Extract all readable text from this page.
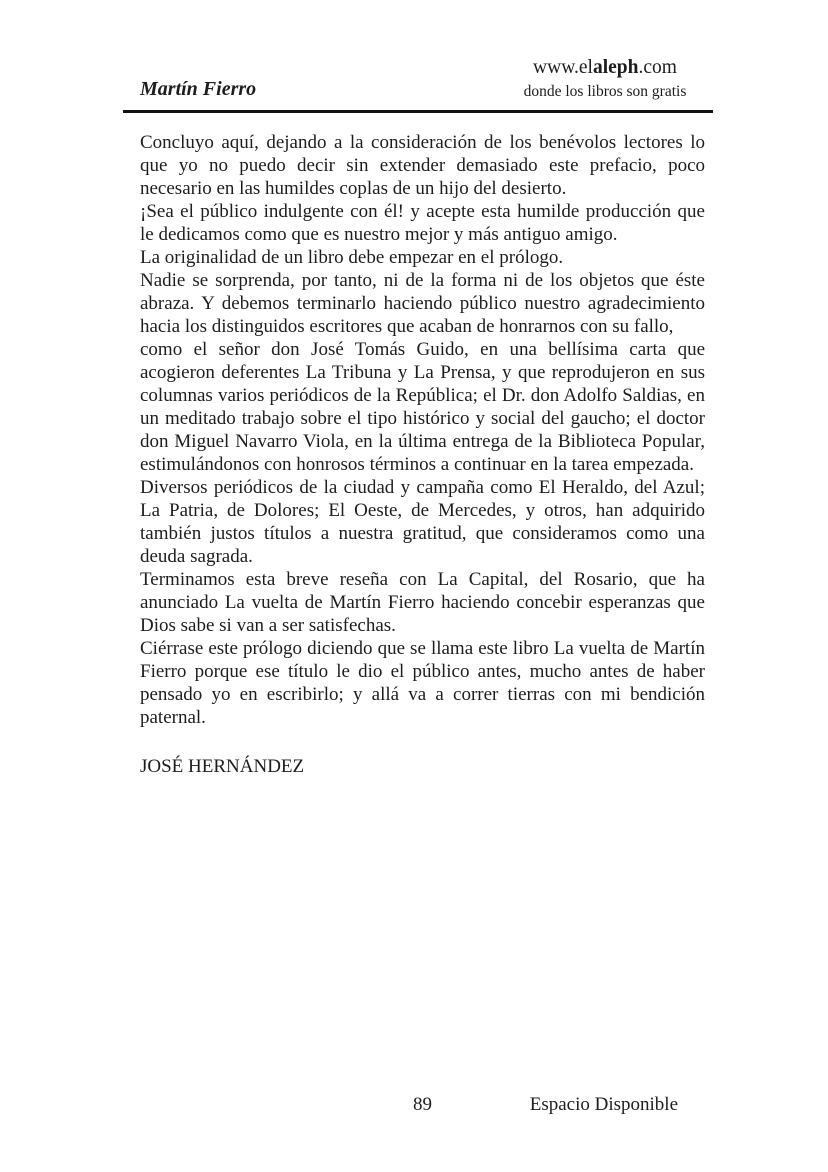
Martín Fierro
www.elaleph.com
donde los libros son gratis

Concluyo aquí, dejando a la consideración de los benévolos lectores lo que yo no puedo decir sin extender demasiado este prefacio, poco necesario en las humildes coplas de un hijo del desierto.

¡Sea el público indulgente con él! y acepte esta humilde producción que le dedicamos como que es nuestro mejor y más antiguo amigo.

La originalidad de un libro debe empezar en el prólogo.

Nadie se sorprenda, por tanto, ni de la forma ni de los objetos que éste abraza. Y debemos terminarlo haciendo público nuestro agradecimiento hacia los distinguidos escritores que acaban de honrarnos con su fallo,

como el señor don José Tomás Guido, en una bellísima carta que acogieron deferentes La Tribuna y La Prensa, y que reprodujeron en sus columnas varios periódicos de la República; el Dr. don Adolfo Saldias, en un meditado trabajo sobre el tipo histórico y social del gaucho; el doctor don Miguel Navarro Viola, en la última entrega de la Biblioteca Popular, estimulándonos con honrosos términos a continuar en la tarea empezada.

Diversos periódicos de la ciudad y campaña como El Heraldo, del Azul; La Patria, de Dolores; El Oeste, de Mercedes, y otros, han adquirido también justos títulos a nuestra gratitud, que consideramos como una deuda sagrada.

Terminamos esta breve reseña con La Capital, del Rosario, que ha anunciado La vuelta de Martín Fierro haciendo concebir esperanzas que Dios sabe si van a ser satisfechas.

Ciérrase este prólogo diciendo que se llama este libro La vuelta de Martín Fierro porque ese título le dio el público antes, mucho antes de haber pensado yo en escribirlo; y allá va a correr tierras con mi bendición paternal.

JOSÉ HERNÁNDEZ

89	Espacio Disponible
